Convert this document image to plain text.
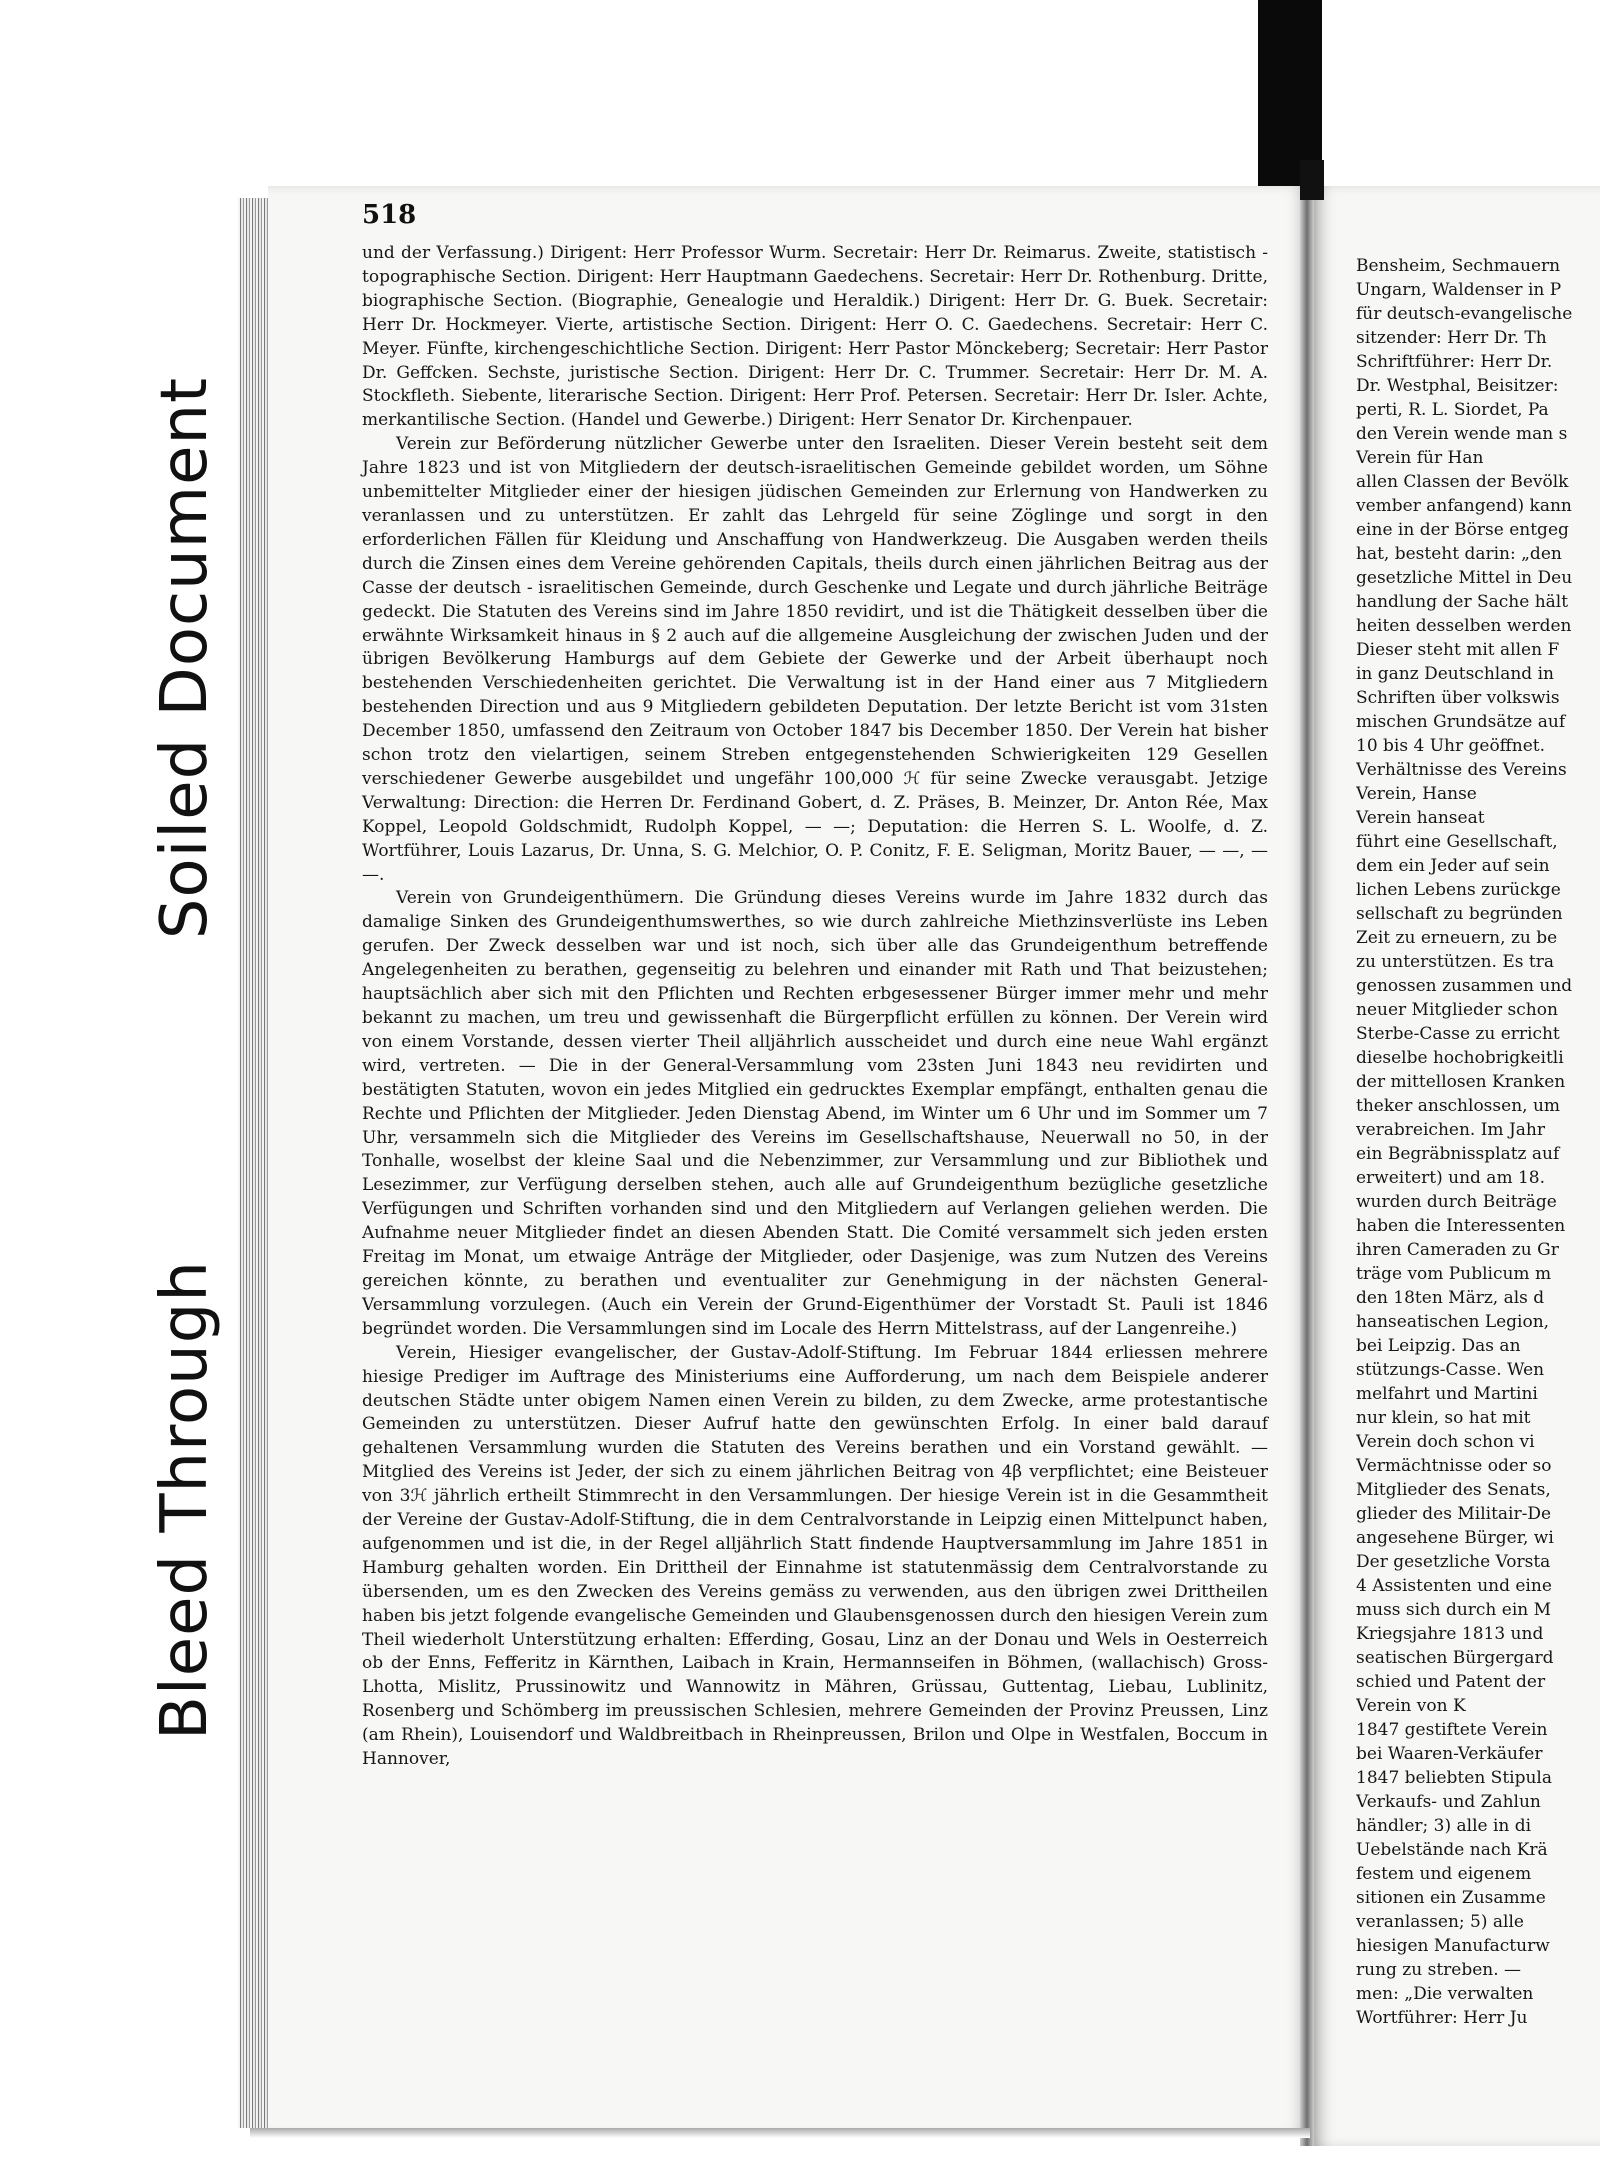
Soiled Document
Bleed Through
518

und der Verfassung.) Dirigent: Herr Professor Wurm. Secretair: Herr Dr. Reimarus. Zweite, statistisch - topographische Section. Dirigent: Herr Hauptmann Gaedechens. Secretair: Herr Dr. Rothenburg. Dritte, biographische Section. (Biographie, Genealogie und Heraldik.) Dirigent: Herr Dr. G. Buek. Secretair: Herr Dr. Hockmeyer. Vierte, artistische Section. Dirigent: Herr O. C. Gaedechens. Secretair: Herr C. Meyer. Fünfte, kirchengeschichtliche Section. Dirigent: Herr Pastor Mönckeberg; Secretair: Herr Pastor Dr. Geffcken. Sechste, juristische Section. Dirigent: Herr Dr. C. Trummer. Secretair: Herr Dr. M. A. Stockfleth. Siebente, literarische Section. Dirigent: Herr Prof. Petersen. Secretair: Herr Dr. Isler. Achte, merkantilische Section. (Handel und Gewerbe.) Dirigent: Herr Senator Dr. Kirchenpauer.

Verein zur Beförderung nützlicher Gewerbe unter den Israeliten. Dieser Verein besteht seit dem Jahre 1823 und ist von Mitgliedern der deutsch-israelitischen Gemeinde gebildet worden, um Söhne unbemittelter Mitglieder einer der hiesigen jüdischen Gemeinden zur Erlernung von Handwerken zu veranlassen und zu unterstützen. Er zahlt das Lehrgeld für seine Zöglinge und sorgt in den erforderlichen Fällen für Kleidung und Anschaffung von Handwerkzeug. Die Ausgaben werden theils durch die Zinsen eines dem Vereine gehörenden Capitals, theils durch einen jährlichen Beitrag aus der Casse der deutsch - israelitischen Gemeinde, durch Geschenke und Legate und durch jährliche Beiträge gedeckt. Die Statuten des Vereins sind im Jahre 1850 revidirt, und ist die Thätigkeit desselben über die erwähnte Wirksamkeit hinaus in § 2 auch auf die allgemeine Ausgleichung der zwischen Juden und der übrigen Bevölkerung Hamburgs auf dem Gebiete der Gewerke und der Arbeit überhaupt noch bestehenden Verschiedenheiten gerichtet. Die Verwaltung ist in der Hand einer aus 7 Mitgliedern bestehenden Direction und aus 9 Mitgliedern gebildeten Deputation. Der letzte Bericht ist vom 31sten December 1850, umfassend den Zeitraum von October 1847 bis December 1850. Der Verein hat bisher schon trotz den vielartigen, seinem Streben entgegenstehenden Schwierigkeiten 129 Gesellen verschiedener Gewerbe ausgebildet und ungefähr 100,000 ℋ für seine Zwecke verausgabt. Jetzige Verwaltung: Direction: die Herren Dr. Ferdinand Gobert, d. Z. Präses, B. Meinzer, Dr. Anton Rée, Max Koppel, Leopold Goldschmidt, Rudolph Koppel, — —; Deputation: die Herren S. L. Woolfe, d. Z. Wortführer, Louis Lazarus, Dr. Unna, S. G. Melchior, O. P. Conitz, F. E. Seligman, Moritz Bauer, — —, — —.

Verein von Grundeigenthümern. Die Gründung dieses Vereins wurde im Jahre 1832 durch das damalige Sinken des Grundeigenthumswerthes, so wie durch zahlreiche Miethzinsverlüste ins Leben gerufen. Der Zweck desselben war und ist noch, sich über alle das Grundeigenthum betreffende Angelegenheiten zu berathen, gegenseitig zu belehren und einander mit Rath und That beizustehen; hauptsächlich aber sich mit den Pflichten und Rechten erbgesessener Bürger immer mehr und mehr bekannt zu machen, um treu und gewissenhaft die Bürgerpflicht erfüllen zu können. Der Verein wird von einem Vorstande, dessen vierter Theil alljährlich ausscheidet und durch eine neue Wahl ergänzt wird, vertreten. — Die in der General-Versammlung vom 23sten Juni 1843 neu revidirten und bestätigten Statuten, wovon ein jedes Mitglied ein gedrucktes Exemplar empfängt, enthalten genau die Rechte und Pflichten der Mitglieder. Jeden Dienstag Abend, im Winter um 6 Uhr und im Sommer um 7 Uhr, versammeln sich die Mitglieder des Vereins im Gesellschaftshause, Neuerwall no 50, in der Tonhalle, woselbst der kleine Saal und die Nebenzimmer, zur Versammlung und zur Bibliothek und Lesezimmer, zur Verfügung derselben stehen, auch alle auf Grundeigenthum bezügliche gesetzliche Verfügungen und Schriften vorhanden sind und den Mitgliedern auf Verlangen geliehen werden. Die Aufnahme neuer Mitglieder findet an diesen Abenden Statt. Die Comité versammelt sich jeden ersten Freitag im Monat, um etwaige Anträge der Mitglieder, oder Dasjenige, was zum Nutzen des Vereins gereichen könnte, zu berathen und eventualiter zur Genehmigung in der nächsten General-Versammlung vorzulegen. (Auch ein Verein der Grund-Eigenthümer der Vorstadt St. Pauli ist 1846 begründet worden. Die Versammlungen sind im Locale des Herrn Mittelstrass, auf der Langenreihe.)

Verein, Hiesiger evangelischer, der Gustav-Adolf-Stiftung. Im Februar 1844 erliessen mehrere hiesige Prediger im Auftrage des Ministeriums eine Aufforderung, um nach dem Beispiele anderer deutschen Städte unter obigem Namen einen Verein zu bilden, zu dem Zwecke, arme protestantische Gemeinden zu unterstützen. Dieser Aufruf hatte den gewünschten Erfolg. In einer bald darauf gehaltenen Versammlung wurden die Statuten des Vereins berathen und ein Vorstand gewählt. — Mitglied des Vereins ist Jeder, der sich zu einem jährlichen Beitrag von 4β verpflichtet; eine Beisteuer von 3ℋ jährlich ertheilt Stimmrecht in den Versammlungen. Der hiesige Verein ist in die Gesammtheit der Vereine der Gustav-Adolf-Stiftung, die in dem Centralvorstande in Leipzig einen Mittelpunct haben, aufgenommen und ist die, in der Regel alljährlich Statt findende Hauptversammlung im Jahre 1851 in Hamburg gehalten worden. Ein Drittheil der Einnahme ist statutenmässig dem Centralvorstande zu übersenden, um es den Zwecken des Vereins gemäss zu verwenden, aus den übrigen zwei Drittheilen haben bis jetzt folgende evangelische Gemeinden und Glaubensgenossen durch den hiesigen Verein zum Theil wiederholt Unterstützung erhalten: Efferding, Gosau, Linz an der Donau und Wels in Oesterreich ob der Enns, Fefferitz in Kärnthen, Laibach in Krain, Hermannseifen in Böhmen, (wallachisch) Gross-Lhotta, Mislitz, Prussinowitz und Wannowitz in Mähren, Grüssau, Guttentag, Liebau, Lublinitz, Rosenberg und Schömberg im preussischen Schlesien, mehrere Gemeinden der Provinz Preussen, Linz (am Rhein), Louisendorf und Waldbreitbach in Rheinpreussen, Brilon und Olpe in Westfalen, Boccum in Hannover,

Bensheim, Sechmauern
Ungarn, Waldenser in P
für deutsch-evangelische
sitzender: Herr Dr. Th
Schriftführer: Herr Dr.
Dr. Westphal, Beisitzer:
perti, R. L. Siordet, Pa
den Verein wende man s
Verein für Han
allen Classen der Bevölk
vember anfangend) kann
eine in der Börse entgeg
hat, besteht darin: „den
gesetzliche Mittel in Deu
handlung der Sache hält
heiten desselben werden
Dieser steht mit allen F
in ganz Deutschland in
Schriften über volkswis
mischen Grundsätze auf
10 bis 4 Uhr geöffnet.
Verhältnisse des Vereins
Verein, Hanse
Verein hanseat
führt eine Gesellschaft,
dem ein Jeder auf sein
lichen Lebens zurückge
sellschaft zu begründen
Zeit zu erneuern, zu be
zu unterstützen. Es tra
genossen zusammen und
neuer Mitglieder schon
Sterbe-Casse zu erricht
dieselbe hochobrigkeitli
der mittellosen Kranken
theker anschlossen, um
verabreichen. Im Jahr
ein Begräbnissplatz auf
erweitert) und am 18.
wurden durch Beiträge
haben die Interessenten
ihren Cameraden zu Gr
träge vom Publicum m
den 18ten März, als d
hanseatischen Legion,
bei Leipzig. Das an
stützungs-Casse. Wen
melfahrt und Martini
nur klein, so hat mit
Verein doch schon vi
Vermächtnisse oder so
Mitglieder des Senats,
glieder des Militair-De
angesehene Bürger, wi
Der gesetzliche Vorsta
4 Assistenten und eine
muss sich durch ein M
Kriegsjahre 1813 und
seatischen Bürgergard
schied und Patent der
Verein von K
1847 gestiftete Verein
bei Waaren-Verkäufer
1847 beliebten Stipula
Verkaufs- und Zahlun
händler; 3) alle in di
Uebelstände nach Krä
festem und eigenem
sitionen ein Zusamme
veranlassen; 5) alle
hiesigen Manufacturw
rung zu streben. —
men: „Die verwalten
Wortführer: Herr Ju
